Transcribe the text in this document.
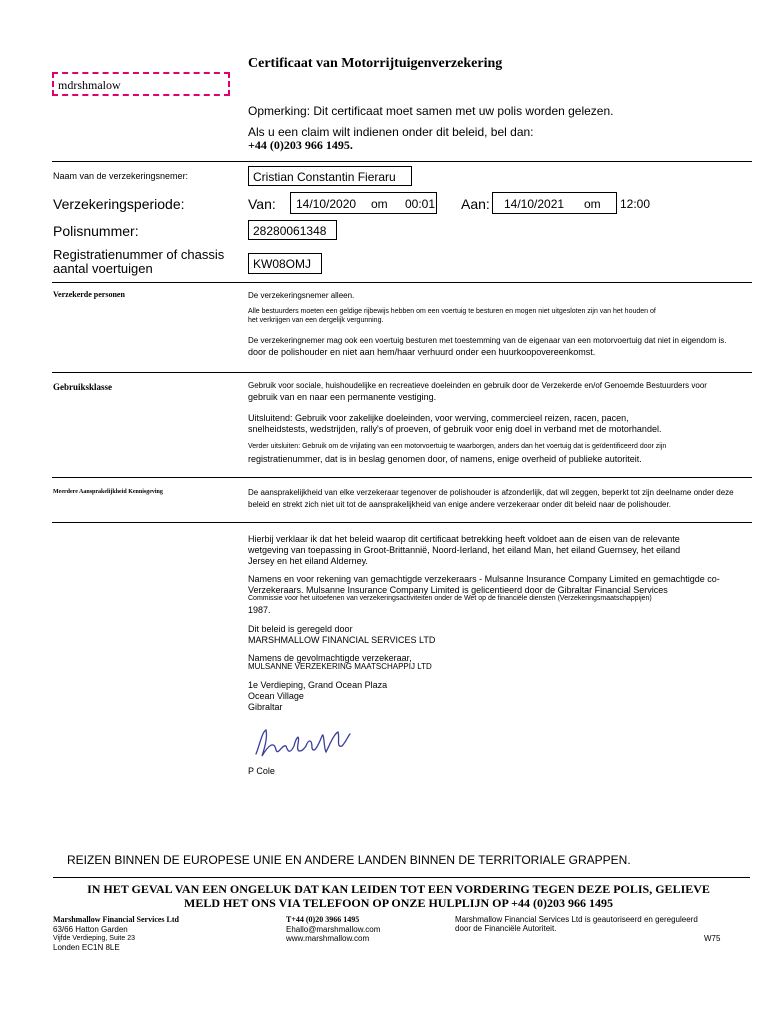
mdrshmalow
Certificaat van Motorrijtuigenverzekering
Opmerking: Dit certificaat moet samen met uw polis worden gelezen.
Als u een claim wilt indienen onder dit beleid, bel dan:
+44 (0)203 966 1495.
Naam van de verzekeringsnemer:	Cristian Constantin Fieraru
Verzekeringsperiode:	Van: 14/10/2020 om 00:01 Aan: 14/10/2021 om 12:00
Polisnummer:	28280061348
Registratienummer of chassis
aantal voertuigen	KW08OMJ
Verzekerde personen	De verzekeringsnemer alleen.
Alle bestuurders moeten een geldige rijbewijs hebben om een voertuig te besturen en mogen niet uitgesloten zijn van het houden of
het verkrijgen van een dergelijk vergunning.
De verzekeringnemer mag ook een voertuig besturen met toestemming van de eigenaar van een motorvoertuig dat niet in eigendom is.
door de polishouder en niet aan hem/haar verhuurd onder een huurkoopovereenkomst.
Gebruiksklasse	Gebruik voor sociale, huishoudelijke en recreatieve doeleinden en gebruik door de Verzekerde en/of Genoemde Bestuurders voor
gebruik van en naar een permanente vestiging.
Uitsluitend: Gebruik voor zakelijke doeleinden, voor werving, commercieel reizen, racen, pacen,
snelheidstests, wedstrijden, rally's of proeven, of gebruik voor enig doel in verband met de motorhandel.
Verder uitsluiten: Gebruik om de vrijlating van een motorvoertuig te waarborgen, anders dan het voertuig dat is geïdentificeerd door zijn
registratienummer, dat is in beslag genomen door, of namens, enige overheid of publieke autoriteit.
Meerdere Aansprakelijkheid Kennisgeving	De aansprakelijkheid van elke verzekeraar tegenover de polishouder is afzonderlijk, dat wil zeggen, beperkt tot zijn deelname onder deze
beleid en strekt zich niet uit tot de aansprakelijkheid van enige andere verzekeraar onder dit beleid naar de polishouder.
Hierbij verklaar ik dat het beleid waarop dit certificaat betrekking heeft voldoet aan de eisen van de relevante
wetgeving van toepassing in Groot-Brittannië, Noord-Ierland, het eiland Man, het eiland Guernsey, het eiland
Jersey en het eiland Alderney.
Namens en voor rekening van gemachtigde verzekeraars - Mulsanne Insurance Company Limited en gemachtigde co-
Verzekeraars. Mulsanne Insurance Company Limited is gelicentieerd door de Gibraltar Financial Services
Commissie voor het uitoefenen van verzekeringsactiviteiten onder de Wet op de financiële diensten (Verzekeringsmaatschappijen)
1987.
Dit beleid is geregeld door
MARSHMALLOW FINANCIAL SERVICES LTD
Namens de gevolmachtigde verzekeraar,
MULSANNE VERZEKERING MAATSCHAPPIJ LTD
1e Verdieping, Grand Ocean Plaza
Ocean Village
Gibraltar
P Cole
REIZEN BINNEN DE EUROPESE UNIE EN ANDERE LANDEN BINNEN DE TERRITORIALE GRAPPEN.
IN HET GEVAL VAN EEN ONGELUK DAT KAN LEIDEN TOT EEN VORDERING TEGEN DEZE POLIS, GELIEVE
MELD HET ONS VIA TELEFOON OP ONZE HULPLIJN OP +44 (0)203 966 1495
Marshmallow Financial Services Ltd
63/66 Hatton Garden
Vijfde Verdieping, Suite 23
Londen EC1N 8LE
T+44 (0)20 3966 1495
Ehallo@marshmallow.com
www.marshmallow.com
Marshmallow Financial Services Ltd is geautoriseerd en gereguleerd
door de Financiële Autoriteit.
W75
